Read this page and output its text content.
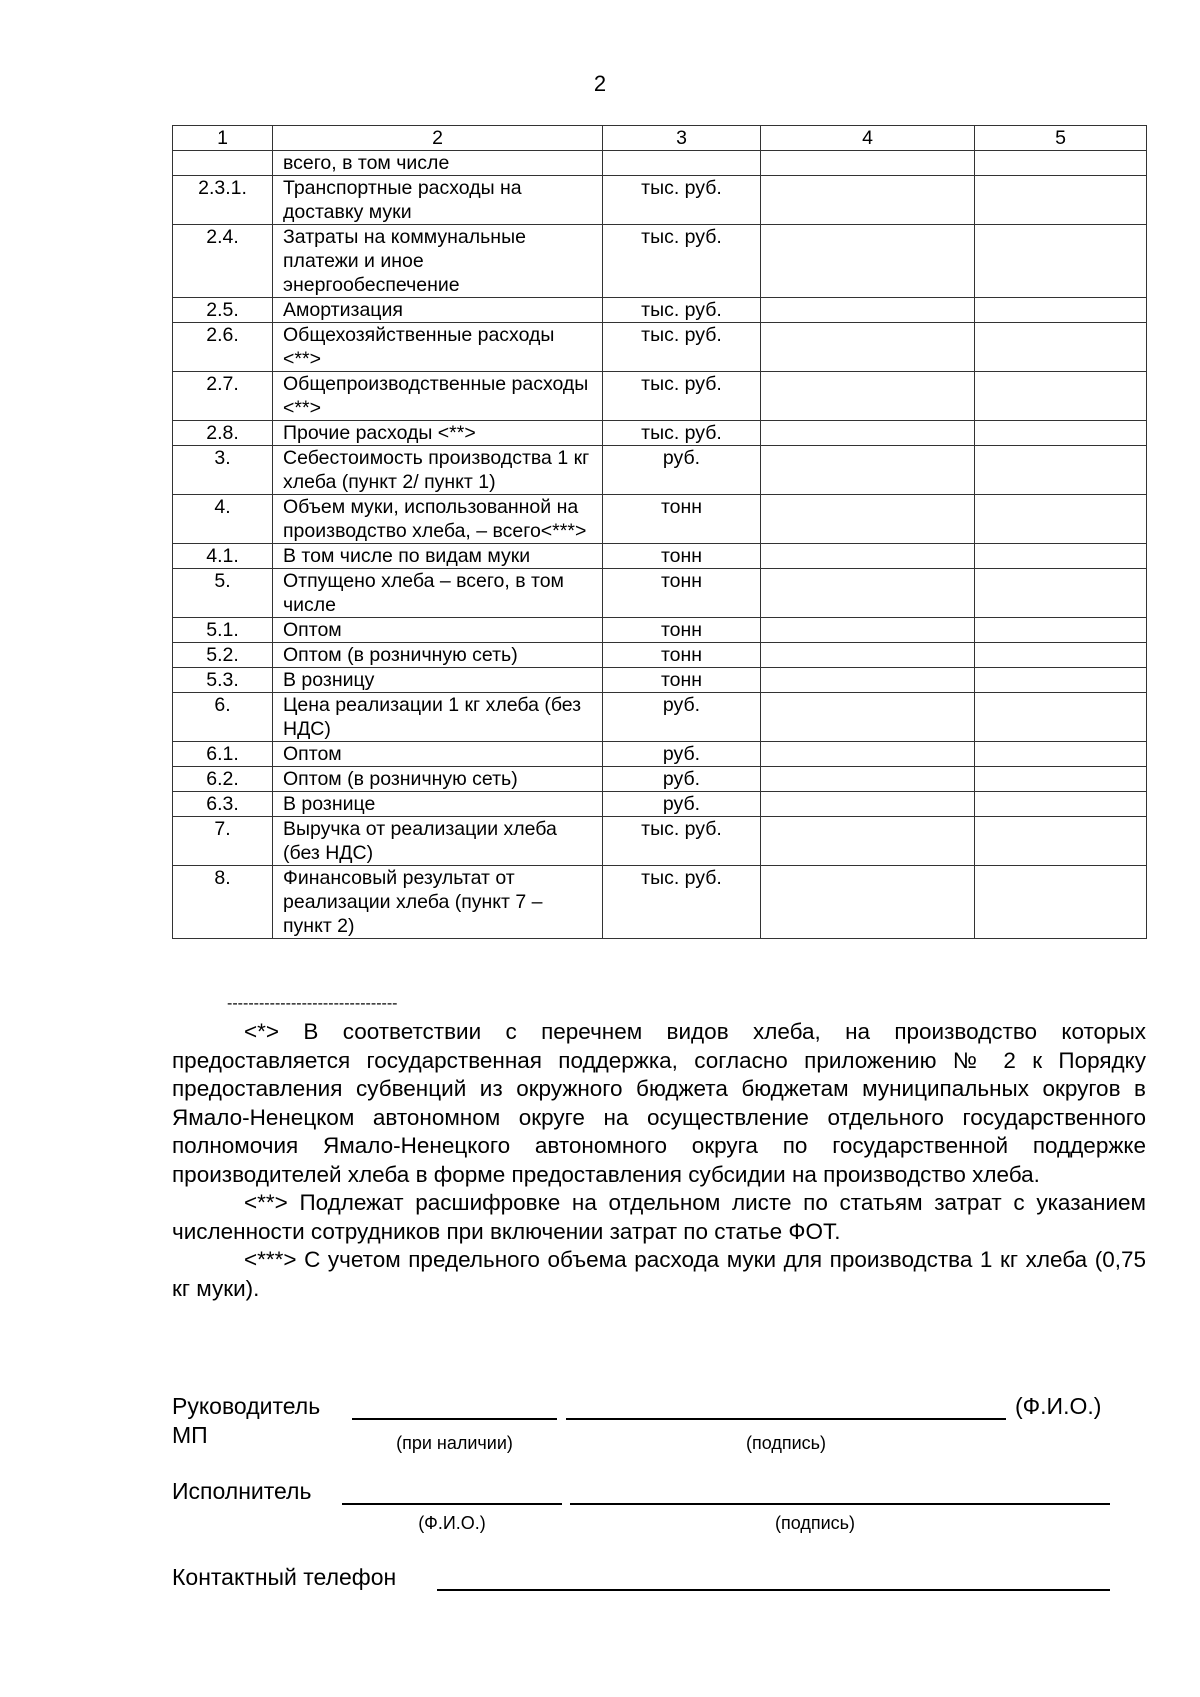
2
1	2	3	4	5
	всего, в том числе			
2.3.1.	Транспортные расходы на доставку муки	тыс. руб.		
2.4.	Затраты на коммунальные платежи и иное энергообеспечение	тыс. руб.		
2.5.	Амортизация	тыс. руб.		
2.6.	Общехозяйственные расходы <**>	тыс. руб.		
2.7.	Общепроизводственные расходы <**>	тыс. руб.		
2.8.	Прочие расходы <**>	тыс. руб.		
3.	Себестоимость производства 1 кг хлеба (пункт 2/ пункт 1)	руб.		
4.	Объем муки, использованной на производство хлеба, – всего<***>	тонн		
4.1.	В том числе по видам муки	тонн		
5.	Отпущено хлеба – всего, в том числе	тонн		
5.1.	Оптом	тонн		
5.2.	Оптом (в розничную сеть)	тонн		
5.3.	В розницу	тонн		
6.	Цена реализации 1 кг хлеба (без НДС)	руб.		
6.1.	Оптом	руб.		
6.2.	Оптом (в розничную сеть)	руб.		
6.3.	В рознице	руб.		
7.	Выручка от реализации хлеба (без НДС)	тыс. руб.		
8.	Финансовый результат от реализации хлеба (пункт 7 – пункт 2)	тыс. руб.		
--------------------------------

<*> В соответствии с перечнем видов хлеба, на производство которых предоставляется государственная поддержка, согласно приложению № 2 к Порядку предоставления субвенций из окружного бюджета бюджетам муниципальных округов в Ямало-Ненецком автономном округе на осуществление отдельного государственного полномочия Ямало-Ненецкого автономного округа по государственной поддержке производителей хлеба в форме предоставления субсидии на производство хлеба.

<**> Подлежат расшифровке на отдельном листе по статьям затрат с указанием численности сотрудников при включении затрат по статье ФОТ.

<***> С учетом предельного объема расхода муки для производства 1 кг хлеба (0,75 кг муки).

Руководитель	(Ф.И.О.)
МП	(при наличии)	(подпись)
Исполнитель
(Ф.И.О.)	(подпись)
Контактный телефон
